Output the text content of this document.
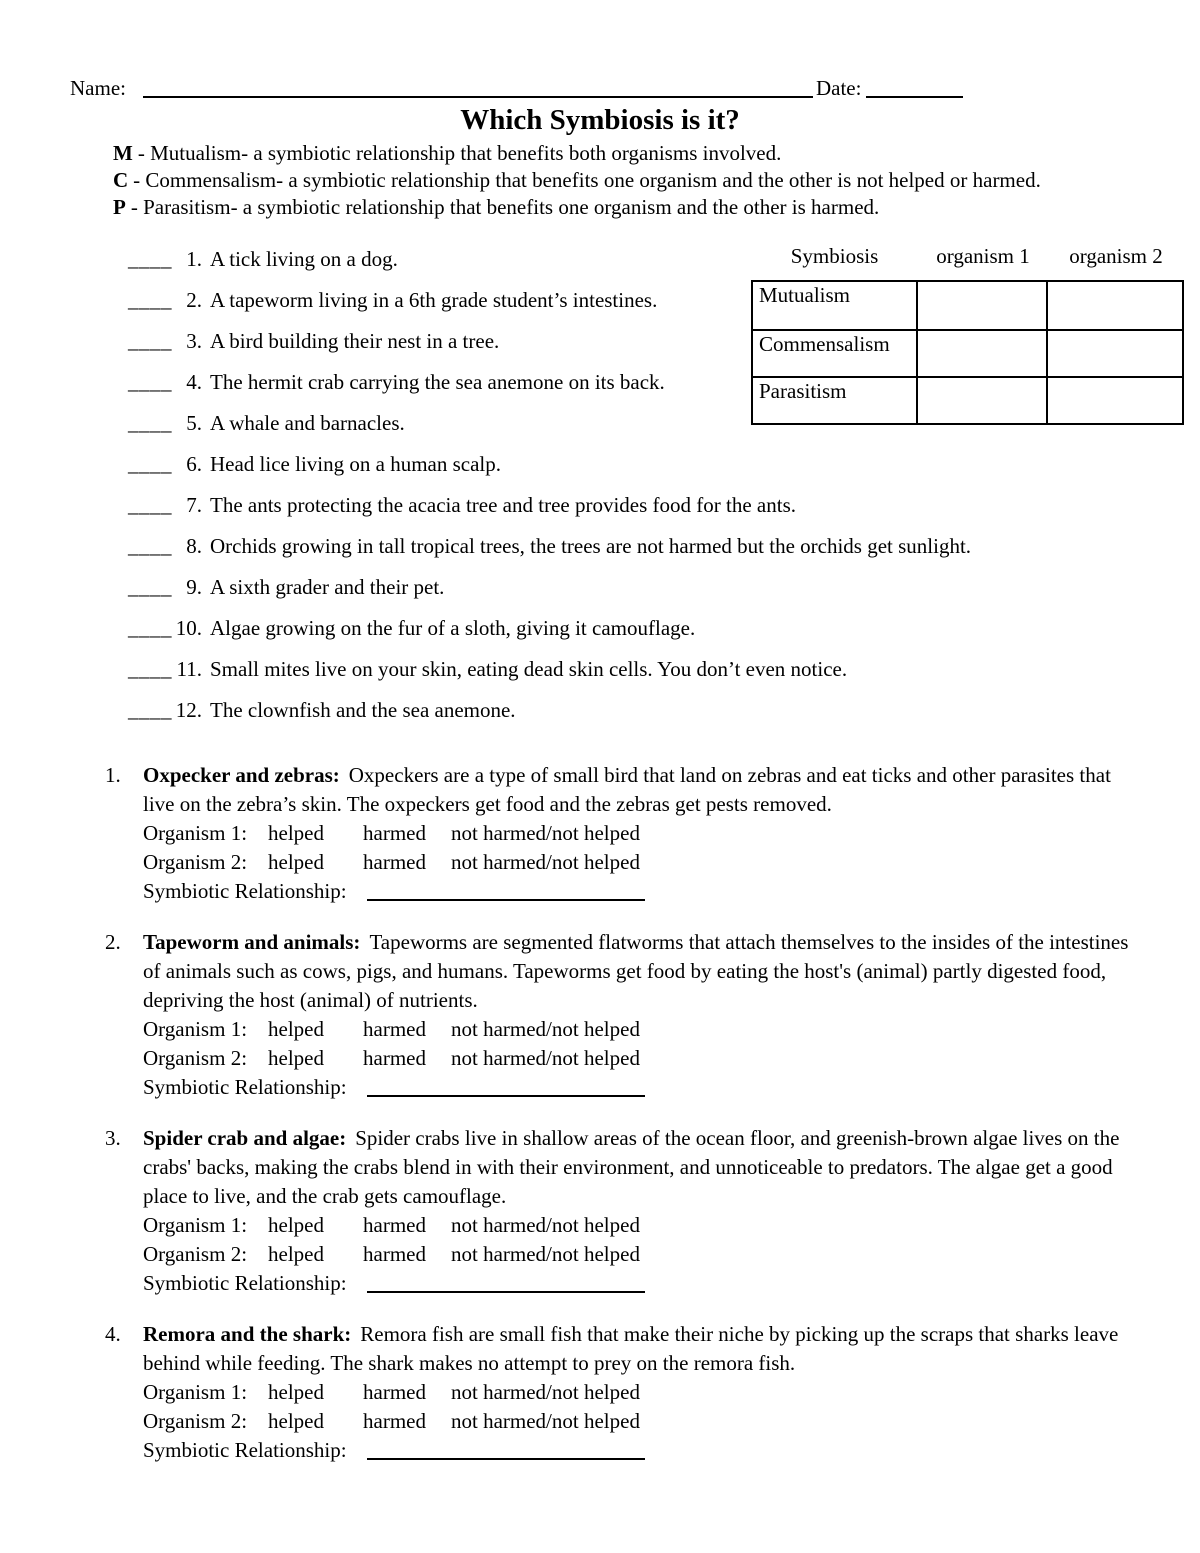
Name:	Date:
Which Symbiosis is it?
M - Mutualism- a symbiotic relationship that benefits both organisms involved.
C - Commensalism- a symbiotic relationship that benefits one organism and the other is not helped or harmed.
P - Parasitism- a symbiotic relationship that benefits one organism and the other is harmed.
Symbiosis	organism 1	organism 2
Mutualism
Commensalism
Parasitism
____ 1. A tick living on a dog.
____ 2. A tapeworm living in a 6th grade student’s intestines.
____ 3. A bird building their nest in a tree.
____ 4. The hermit crab carrying the sea anemone on its back.
____ 5. A whale and barnacles.
____ 6. Head lice living on a human scalp.
____ 7. The ants protecting the acacia tree and tree provides food for the ants.
____ 8. Orchids growing in tall tropical trees, the trees are not harmed but the orchids get sunlight.
____ 9. A sixth grader and their pet.
____ 10. Algae growing on the fur of a sloth, giving it camouflage.
____ 11. Small mites live on your skin, eating dead skin cells. You don’t even notice.
____ 12. The clownfish and the sea anemone.
1.	Oxpecker and zebras: Oxpeckers are a type of small bird that land on zebras and eat ticks and other parasites that live on the zebra’s skin. The oxpeckers get food and the zebras get pests removed.
Organism 1: helped harmed not harmed/not helped
Organism 2: helped harmed not harmed/not helped
Symbiotic Relationship:
2.	Tapeworm and animals: Tapeworms are segmented flatworms that attach themselves to the insides of the intestines of animals such as cows, pigs, and humans. Tapeworms get food by eating the host's (animal) partly digested food, depriving the host (animal) of nutrients.
Organism 1: helped harmed not harmed/not helped
Organism 2: helped harmed not harmed/not helped
Symbiotic Relationship:
3.	Spider crab and algae: Spider crabs live in shallow areas of the ocean floor, and greenish-brown algae lives on the crabs' backs, making the crabs blend in with their environment, and unnoticeable to predators. The algae get a good place to live, and the crab gets camouflage.
Organism 1: helped harmed not harmed/not helped
Organism 2: helped harmed not harmed/not helped
Symbiotic Relationship:
4.	Remora and the shark: Remora fish are small fish that make their niche by picking up the scraps that sharks leave behind while feeding. The shark makes no attempt to prey on the remora fish.
Organism 1: helped harmed not harmed/not helped
Organism 2: helped harmed not harmed/not helped
Symbiotic Relationship:
